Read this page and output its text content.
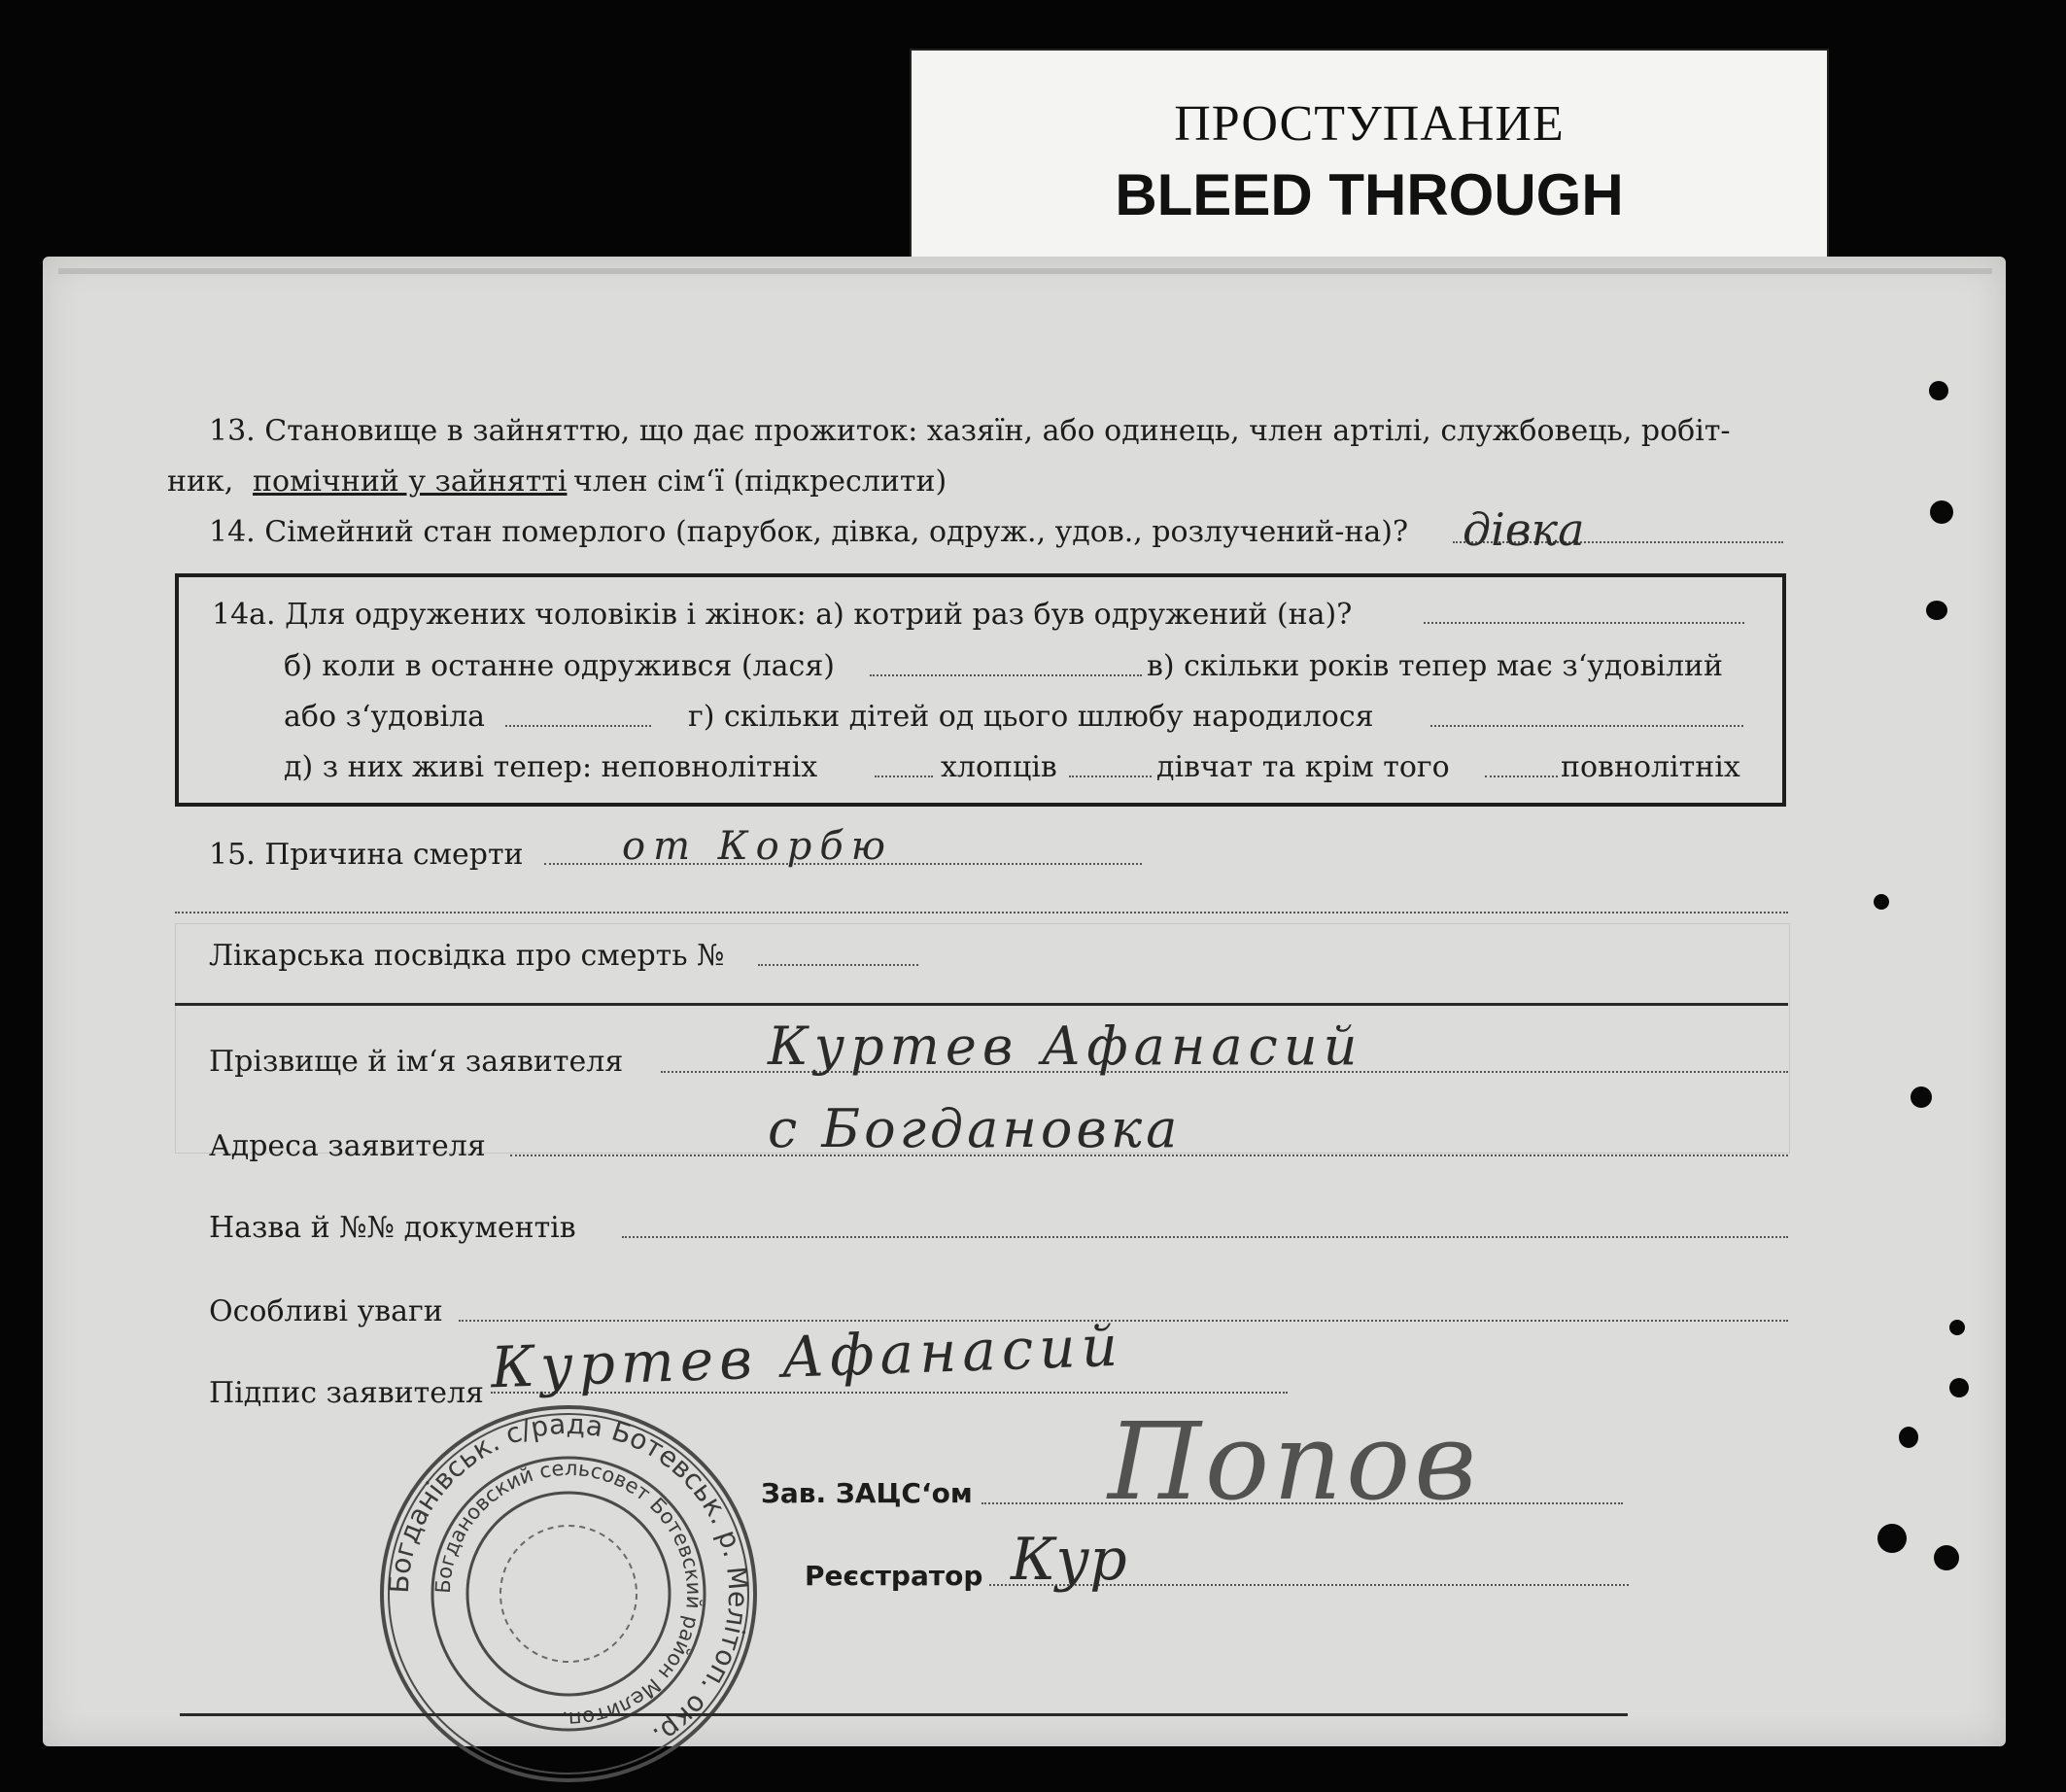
ПРОСТУПАНИЕ
BLEED THROUGH
13. Становище в зайняттю, що дає прожиток: хазяїн, або одинець, член артілі, службовець, робіт-
ник, помічний у зайнятті член сім‘ї (підкреслити)
14. Сімейний стан померлого (парубок, дівка, одруж., удов., розлучений-на)? дівка
14а. Для одружених чоловіків і жінок: а) котрий раз був одружений (на)?
б) коли в останне одружився (лася)	в) скільки років тепер має з‘удовілий
або з‘удовіла	г) скільки дітей од цього шлюбу народилося
д) з них живі тепер: неповнолітніх	хлопців	дівчат та крім того	повнолітніх
15. Причина смерти	от Корбю
Лікарська посвідка про смерть №
Прізвище й ім‘я заявителя	Куртев Афанасий
Адреса заявителя	с Богдановка
Назва й №№ документів
Особливі уваги
Підпис заявителя Куртев Афанасий
Зав. ЗАЦС‘ом Попов
Реєстратор Кур
Богданівськ. с/рада Ботевськ. р. Мелітоп. окр.
Богдановский сельсовет Ботевский район Мелитоп.
